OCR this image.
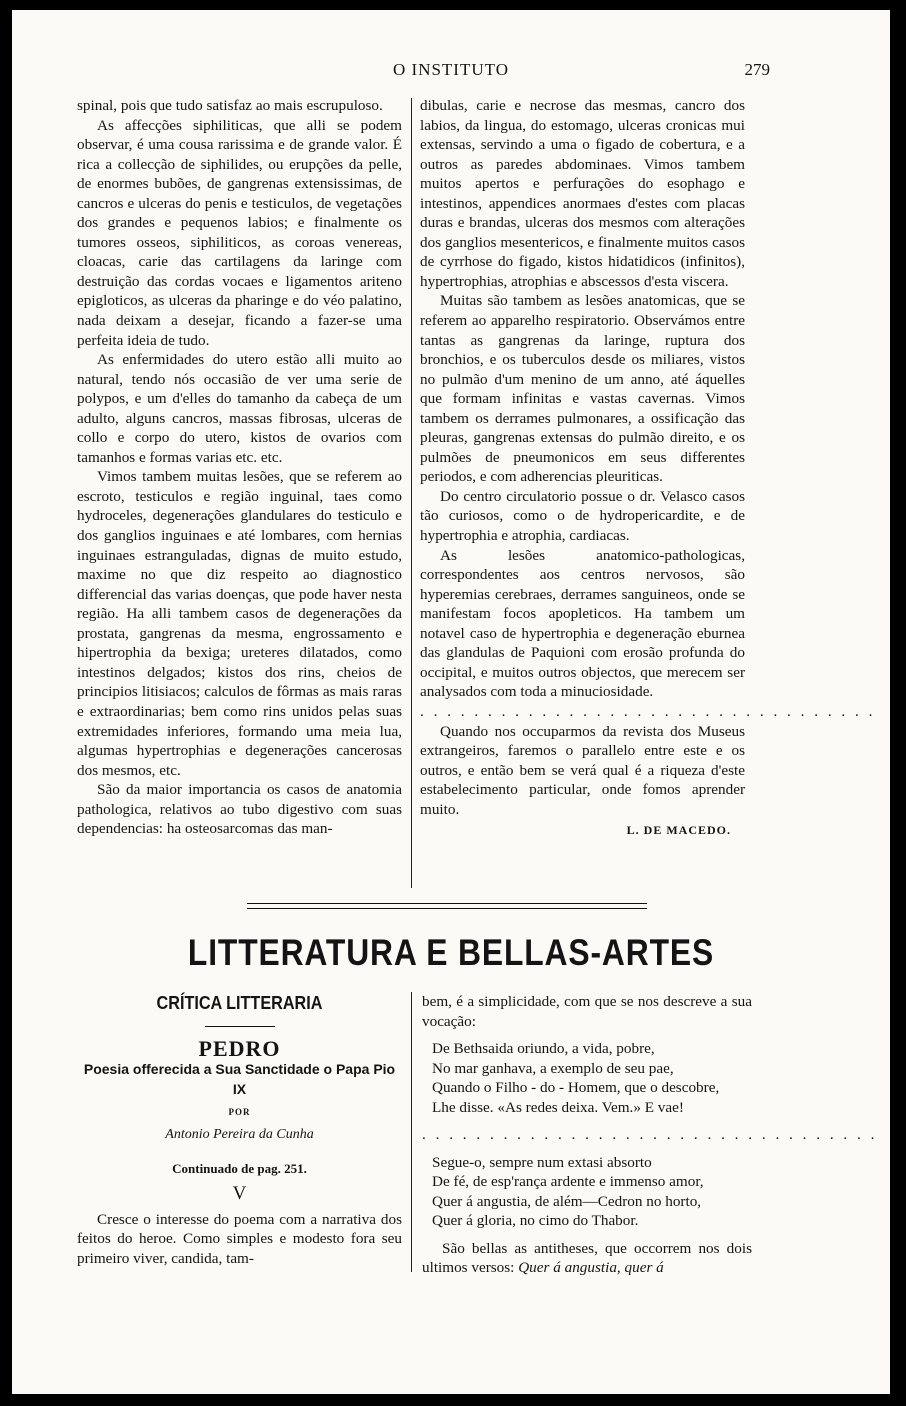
O INSTITUTO	279

spinal, pois que tudo satisfaz ao mais escrupuloso.

As affecções siphiliticas, que alli se podem observar, é uma cousa rarissima e de grande valor. É rica a collecção de siphilides, ou erupções da pelle, de enormes bubões, de gangrenas extensissimas, de cancros e ulceras do penis e testiculos, de vegetações dos grandes e pequenos labios; e finalmente os tumores osseos, siphiliticos, as coroas venereas, cloacas, carie das cartilagens da laringe com destruição das cordas vocaes e ligamentos ariteno epigloticos, as ulceras da pharinge e do véo palatino, nada deixam a desejar, ficando a fazer-se uma perfeita ideia de tudo.

As enfermidades do utero estão alli muito ao natural, tendo nós occasião de ver uma serie de polypos, e um d'elles do tamanho da cabeça de um adulto, alguns cancros, massas fibrosas, ulceras de collo e corpo do utero, kistos de ovarios com tamanhos e formas varias etc. etc.

Vimos tambem muitas lesões, que se referem ao escroto, testiculos e região inguinal, taes como hydroceles, degenerações glandulares do testiculo e dos ganglios inguinaes e até lombares, com hernias inguinaes estranguladas, dignas de muito estudo, maxime no que diz respeito ao diagnostico differencial das varias doenças, que pode haver nesta região. Ha alli tambem casos de degenerações da prostata, gangrenas da mesma, engrossamento e hipertrophia da bexiga; ureteres dilatados, como intestinos delgados; kistos dos rins, cheios de principios litisiacos; calculos de fôrmas as mais raras e extraordinarias; bem como rins unidos pelas suas extremidades inferiores, formando uma meia lua, algumas hypertrophias e degenerações cancerosas dos mesmos, etc.

São da maior importancia os casos de anatomia pathologica, relativos ao tubo digestivo com suas dependencias: ha osteosarcomas das man-

dibulas, carie e necrose das mesmas, cancro dos labios, da lingua, do estomago, ulceras cronicas mui extensas, servindo a uma o figado de cobertura, e a outros as paredes abdominaes. Vimos tambem muitos apertos e perfurações do esophago e intestinos, appendices anormaes d'estes com placas duras e brandas, ulceras dos mesmos com alterações dos ganglios mesentericos, e finalmente muitos casos de cyrrhose do figado, kistos hidatidicos (infinitos), hypertrophias, atrophias e abscessos d'esta viscera.

Muitas são tambem as lesões anatomicas, que se referem ao apparelho respiratorio. Observámos entre tantas as gangrenas da laringe, ruptura dos bronchios, e os tuberculos desde os miliares, vistos no pulmão d'um menino de um anno, até áquelles que formam infinitas e vastas cavernas. Vimos tambem os derrames pulmonares, a ossificação das pleuras, gangrenas extensas do pulmão direito, e os pulmões de pneumonicos em seus differentes periodos, e com adherencias pleuriticas.

Do centro circulatorio possue o dr. Velasco casos tão curiosos, como o de hydropericardite, e de hypertrophia e atrophia, cardiacas.

As lesões anatomico-pathologicas, correspondentes aos centros nervosos, são hyperemias cerebraes, derrames sanguineos, onde se manifestam focos apopleticos. Ha tambem um notavel caso de hypertrophia e degeneração eburnea das glandulas de Paquioni com erosão profunda do occipital, e muitos outros objectos, que merecem ser analysados com toda a minuciosidade.

. . . . . . . . . . . . . . . . . . . . . . . . . . . . . . . . . .

Quando nos occuparmos da revista dos Museus extrangeiros, faremos o parallelo entre este e os outros, e então bem se verá qual é a riqueza d'este estabelecimento particular, onde fomos aprender muito.

L. DE MACEDO.
LITTERATURA E BELLAS-ARTES
CRÍTICA LITTERARIA
PEDRO
Poesia offerecida a Sua Sanctidade o Papa Pio IX
POR
Antonio Pereira da Cunha
Continuado de pag. 251.
V

Cresce o interesse do poema com a narrativa dos feitos do heroe. Como simples e modesto fora seu primeiro viver, candida, tam-

bem, é a simplicidade, com que se nos descreve a sua vocação:

De Bethsaida oriundo, a vida, pobre,
No mar ganhava, a exemplo de seu pae,
Quando o Filho - do - Homem, que o descobre,
Lhe disse. «As redes deixa. Vem.» E vae!
. . . . . . . . . . . . . . . . . . . . . . . . . . . . . . . . . .
Segue-o, sempre num extasi absorto
De fé, de esp'rança ardente e immenso amor,
Quer á angustia, de além—Cedron no horto,
Quer á gloria, no cimo do Thabor.

São bellas as antitheses, que occorrem nos dois ultimos versos: Quer á angustia, quer á
